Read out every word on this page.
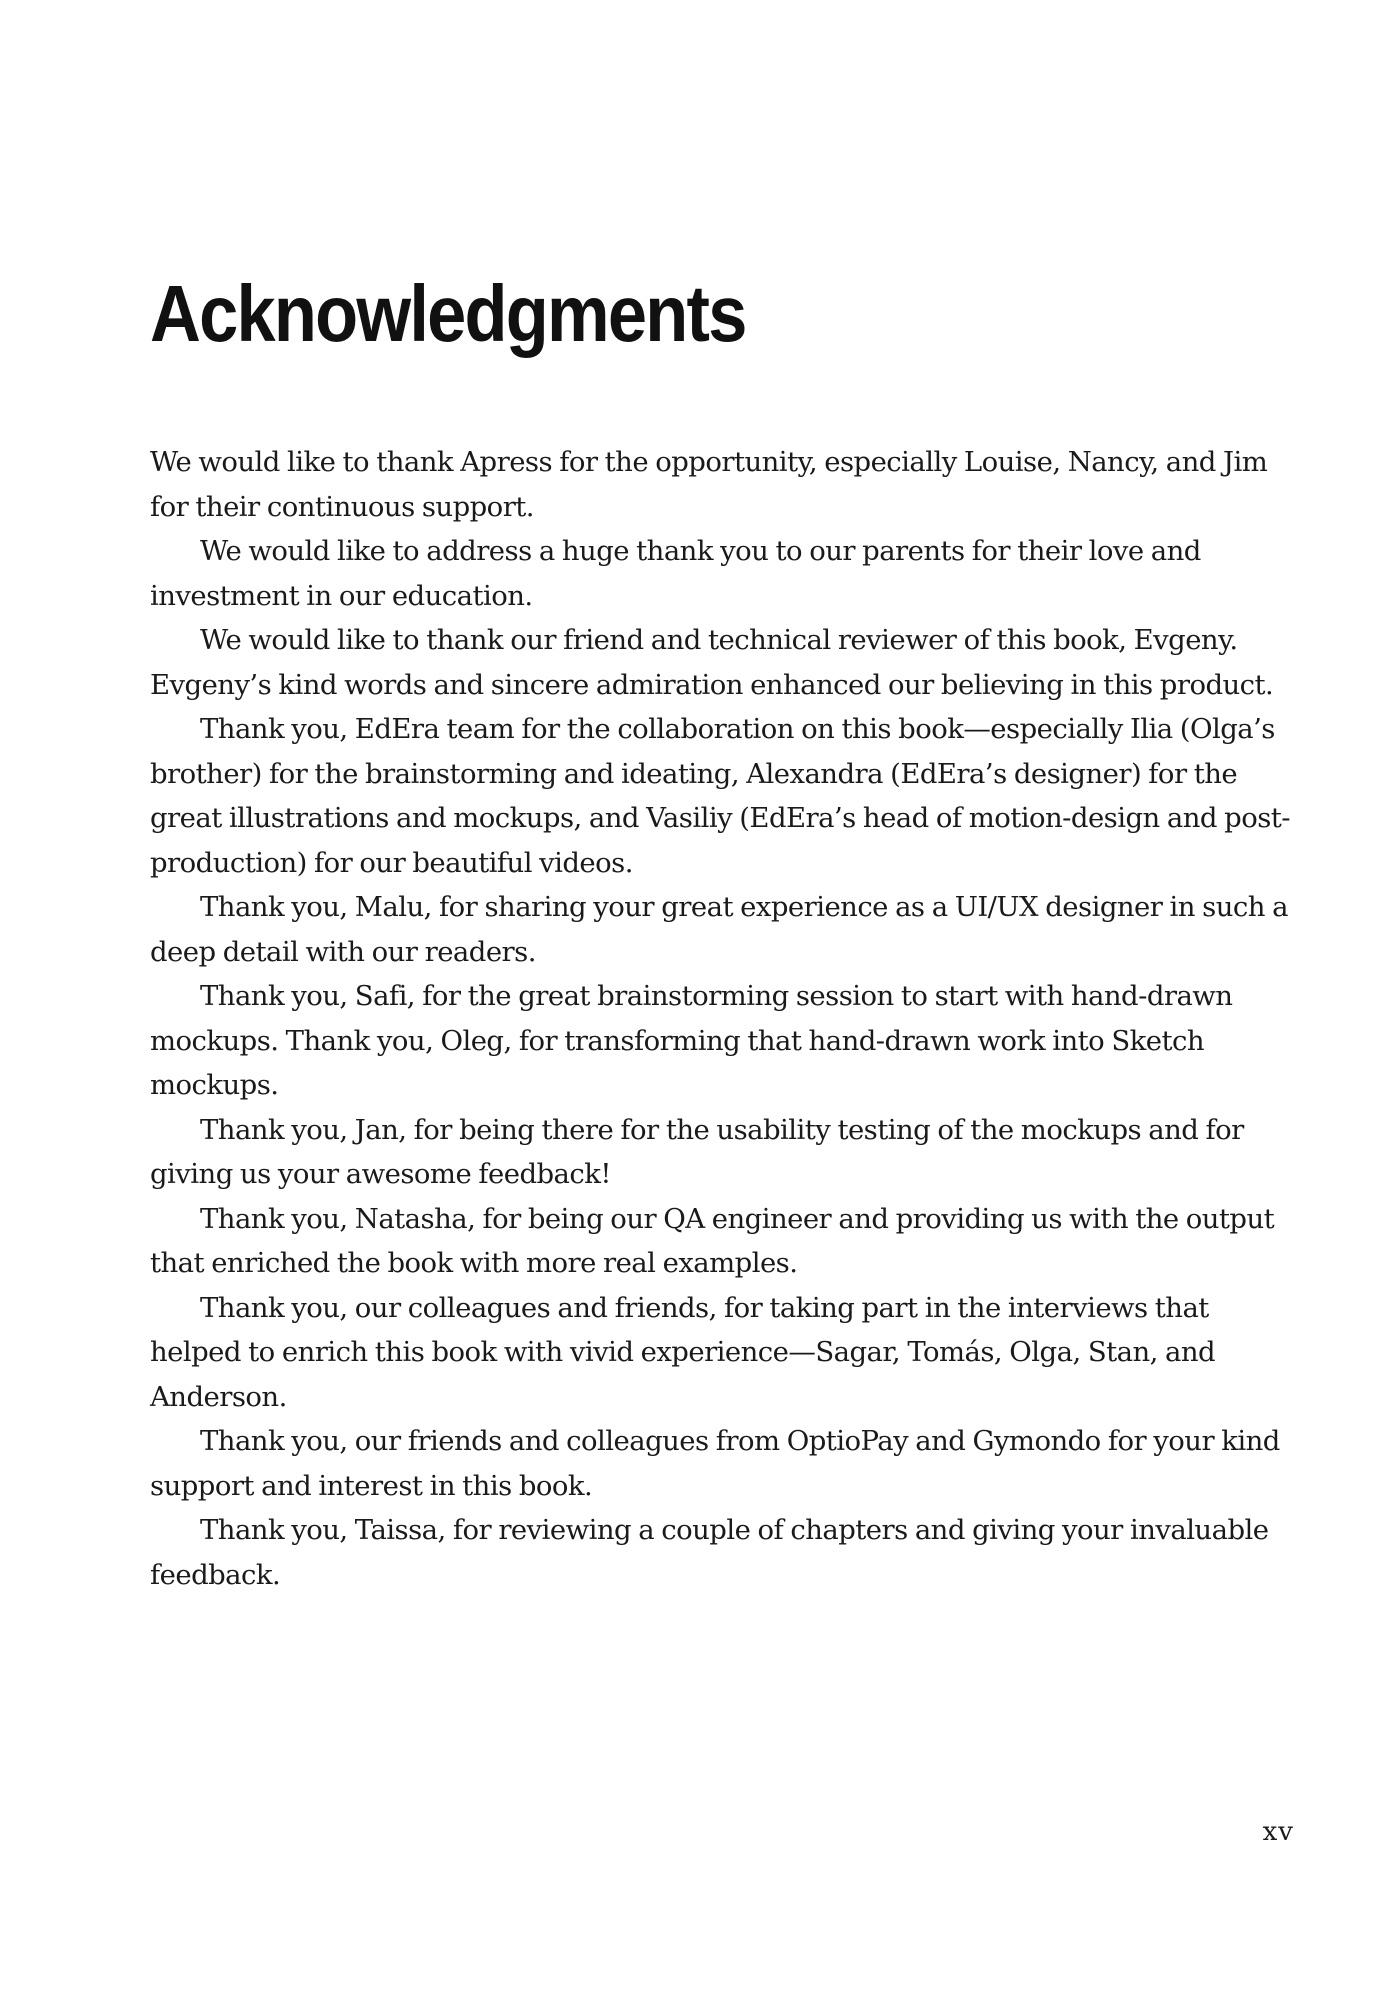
Acknowledgments

We would like to thank Apress for the opportunity, especially Louise, Nancy, and Jim for their continuous support.

We would like to address a huge thank you to our parents for their love and investment in our education.

We would like to thank our friend and technical reviewer of this book, Evgeny. Evgeny’s kind words and sincere admiration enhanced our believing in this product.

Thank you, EdEra team for the collaboration on this book—especially Ilia (Olga’s brother) for the brainstorming and ideating, Alexandra (EdEra’s designer) for the great illustrations and mockups, and Vasiliy (EdEra’s head of motion-design and post-production) for our beautiful videos.

Thank you, Malu, for sharing your great experience as a UI/UX designer in such a deep detail with our readers.

Thank you, Safi, for the great brainstorming session to start with hand-drawn mockups. Thank you, Oleg, for transforming that hand-drawn work into Sketch mockups.

Thank you, Jan, for being there for the usability testing of the mockups and for giving us your awesome feedback!

Thank you, Natasha, for being our QA engineer and providing us with the output that enriched the book with more real examples.

Thank you, our colleagues and friends, for taking part in the interviews that helped to enrich this book with vivid experience—Sagar, Tomás, Olga, Stan, and Anderson.

Thank you, our friends and colleagues from OptioPay and Gymondo for your kind support and interest in this book.

Thank you, Taissa, for reviewing a couple of chapters and giving your invaluable feedback.

xv
